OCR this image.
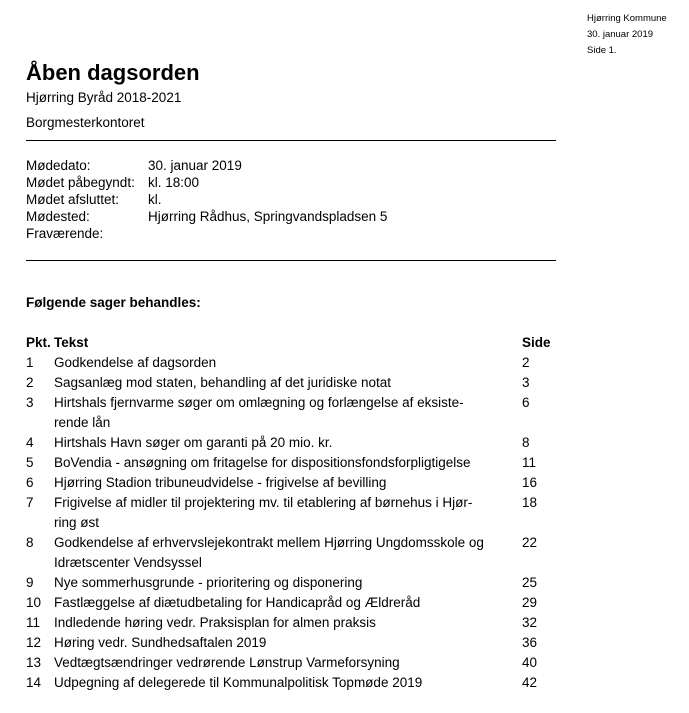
Hjørring Kommune
30. januar 2019
Side 1.
Åben dagsorden
Hjørring Byråd 2018-2021
Borgmesterkontoret
Mødedato:	30. januar 2019
Mødet påbegyndt: kl. 18:00
Mødet afsluttet:	kl.
Mødested:	Hjørring Rådhus, Springvandspladsen 5
Fraværende:
Følgende sager behandles:
Pkt. Tekst	Side
1	Godkendelse af dagsorden	2
2	Sagsanlæg mod staten, behandling af det juridiske notat	3
3	Hirtshals fjernvarme søger om omlægning og forlængelse af eksiste-	6
rende lån
4	Hirtshals Havn søger om garanti på 20 mio. kr.	8
5	BoVendia - ansøgning om fritagelse for dispositionsfondsforpligtigelse	11
6	Hjørring Stadion tribuneudvidelse - frigivelse af bevilling	16
7	Frigivelse af midler til projektering mv. til etablering af børnehus i Hjør-	18
ring øst
8	Godkendelse af erhvervslejekontrakt mellem Hjørring Ungdomsskole og	22
Idrætscenter Vendsyssel
9	Nye sommerhusgrunde - prioritering og disponering	25
10 Fastlæggelse af diætudbetaling for Handicapråd og Ældreråd	29
11	Indledende høring vedr. Praksisplan for almen praksis	32
12 Høring vedr. Sundhedsaftalen 2019	36
13 Vedtægtsændringer vedrørende Lønstrup Varmeforsyning	40
14 Udpegning af delegerede til Kommunalpolitisk Topmøde 2019	42
